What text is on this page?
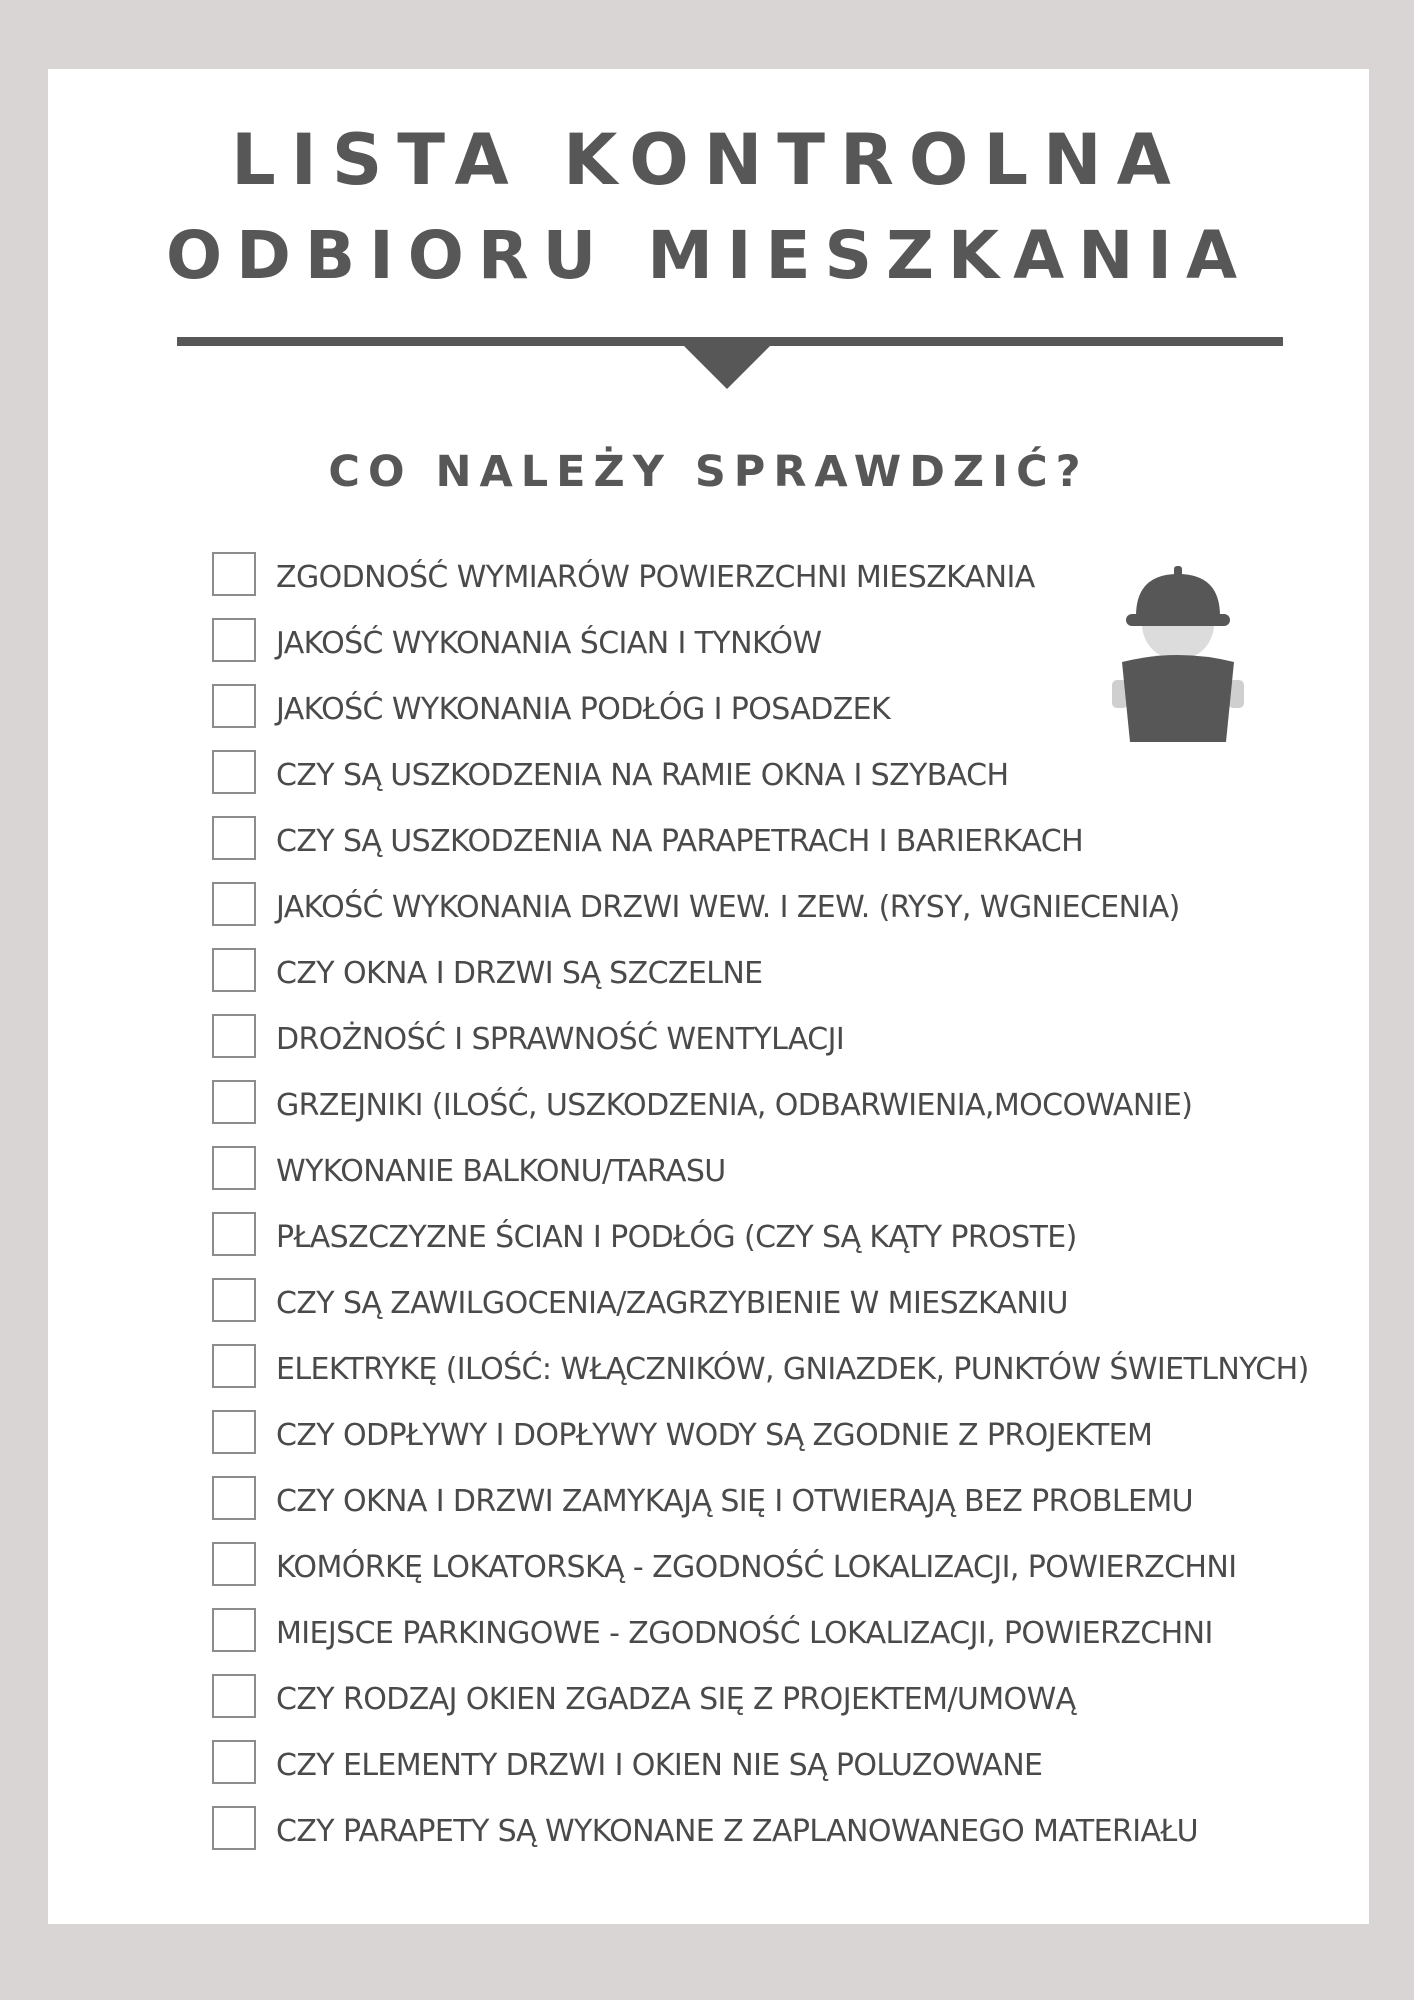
LISTA KONTROLNA
ODBIORU MIESZKANIA
CO NALEŻY SPRAWDZIĆ?
ZGODNOŚĆ WYMIARÓW POWIERZCHNI MIESZKANIA
JAKOŚĆ WYKONANIA ŚCIAN I TYNKÓW
JAKOŚĆ WYKONANIA PODŁÓG I POSADZEK
CZY SĄ USZKODZENIA NA RAMIE OKNA I SZYBACH
CZY SĄ USZKODZENIA NA PARAPETRACH I BARIERKACH
JAKOŚĆ WYKONANIA DRZWI WEW. I ZEW. (RYSY, WGNIECENIA)
CZY OKNA I DRZWI SĄ SZCZELNE
DROŻNOŚĆ I SPRAWNOŚĆ WENTYLACJI
GRZEJNIKI (ILOŚĆ, USZKODZENIA, ODBARWIENIA,MOCOWANIE)
WYKONANIE BALKONU/TARASU
PŁASZCZYZNE ŚCIAN I PODŁÓG (CZY SĄ KĄTY PROSTE)
CZY SĄ ZAWILGOCENIA/ZAGRZYBIENIE W MIESZKANIU
ELEKTRYKĘ (ILOŚĆ: WŁĄCZNIKÓW, GNIAZDEK, PUNKTÓW ŚWIETLNYCH)
CZY ODPŁYWY I DOPŁYWY WODY SĄ ZGODNIE Z PROJEKTEM
CZY OKNA I DRZWI ZAMYKAJĄ SIĘ I OTWIERAJĄ BEZ PROBLEMU
KOMÓRKĘ LOKATORSKĄ - ZGODNOŚĆ LOKALIZACJI, POWIERZCHNI
MIEJSCE PARKINGOWE - ZGODNOŚĆ LOKALIZACJI, POWIERZCHNI
CZY RODZAJ OKIEN ZGADZA SIĘ Z PROJEKTEM/UMOWĄ
CZY ELEMENTY DRZWI I OKIEN NIE SĄ POLUZOWANE
CZY PARAPETY SĄ WYKONANE Z ZAPLANOWANEGO MATERIAŁU
